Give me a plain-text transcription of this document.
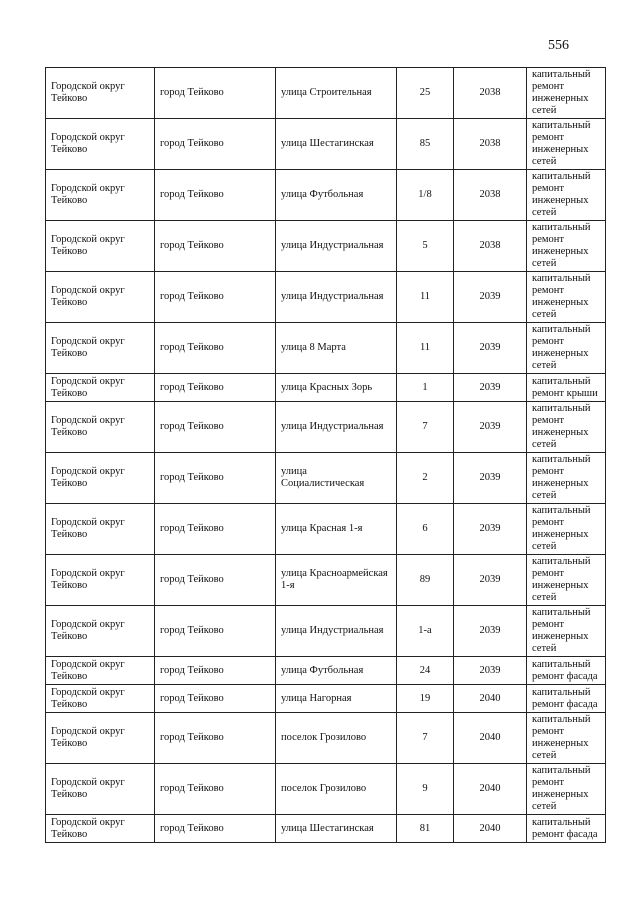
556
Городской округ Тейково	город Тейково	улица Строительная	25	2038	капитальный ремонт инженерных сетей
Городской округ Тейково	город Тейково	улица Шестагинская	85	2038	капитальный ремонт инженерных сетей
Городской округ Тейково	город Тейково	улица Футбольная	1/8	2038	капитальный ремонт инженерных сетей
Городской округ Тейково	город Тейково	улица Индустриальная	5	2038	капитальный ремонт инженерных сетей
Городской округ Тейково	город Тейково	улица Индустриальная	11	2039	капитальный ремонт инженерных сетей
Городской округ Тейково	город Тейково	улица 8 Марта	11	2039	капитальный ремонт инженерных сетей
Городской округ Тейково	город Тейково	улица Красных Зорь	1	2039	капитальный ремонт крыши
Городской округ Тейково	город Тейково	улица Индустриальная	7	2039	капитальный ремонт инженерных сетей
Городской округ Тейково	город Тейково	улица Социалистическая	2	2039	капитальный ремонт инженерных сетей
Городской округ Тейково	город Тейково	улица Красная 1-я	6	2039	капитальный ремонт инженерных сетей
Городской округ Тейково	город Тейково	улица Красноармейская 1-я	89	2039	капитальный ремонт инженерных сетей
Городской округ Тейково	город Тейково	улица Индустриальная	1-а	2039	капитальный ремонт инженерных сетей
Городской округ Тейково	город Тейково	улица Футбольная	24	2039	капитальный ремонт фасада
Городской округ Тейково	город Тейково	улица Нагорная	19	2040	капитальный ремонт фасада
Городской округ Тейково	город Тейково	поселок Грозилово	7	2040	капитальный ремонт инженерных сетей
Городской округ Тейково	город Тейково	поселок Грозилово	9	2040	капитальный ремонт инженерных сетей
Городской округ Тейково	город Тейково	улица Шестагинская	81	2040	капитальный ремонт фасада
